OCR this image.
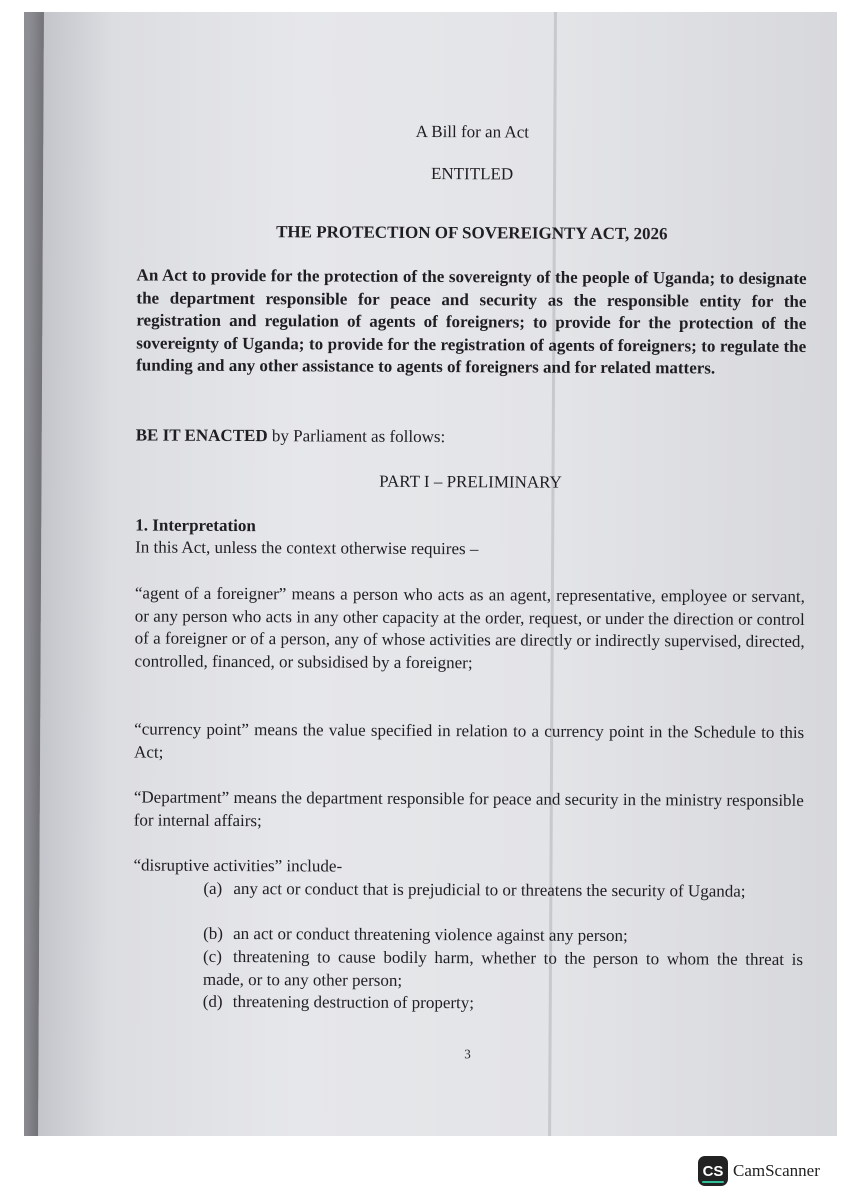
A Bill for an Act
ENTITLED
THE PROTECTION OF SOVEREIGNTY ACT, 2026
An Act to provide for the protection of the sovereignty of the people of Uganda; to designate the department responsible for peace and security as the responsible entity for the registration and regulation of agents of foreigners; to provide for the protection of the sovereignty of Uganda; to provide for the registration of agents of foreigners; to regulate the funding and any other assistance to agents of foreigners and for related matters.
BE IT ENACTED by Parliament as follows:
PART I – PRELIMINARY
1. Interpretation
In this Act, unless the context otherwise requires –
“agent of a foreigner” means a person who acts as an agent, representative, employee or servant, or any person who acts in any other capacity at the order, request, or under the direction or control of a foreigner or of a person, any of whose activities are directly or indirectly supervised, directed, controlled, financed, or subsidised by a foreigner;
“currency point” means the value specified in relation to a currency point in the Schedule to this Act;
“Department” means the department responsible for peace and security in the ministry responsible for internal affairs;
“disruptive activities” include-
(a) any act or conduct that is prejudicial to or threatens the security of Uganda;
(b) an act or conduct threatening violence against any person;
(c) threatening to cause bodily harm, whether to the person to whom the threat is made, or to any other person;
(d) threatening destruction of property;
3
CS CamScanner
